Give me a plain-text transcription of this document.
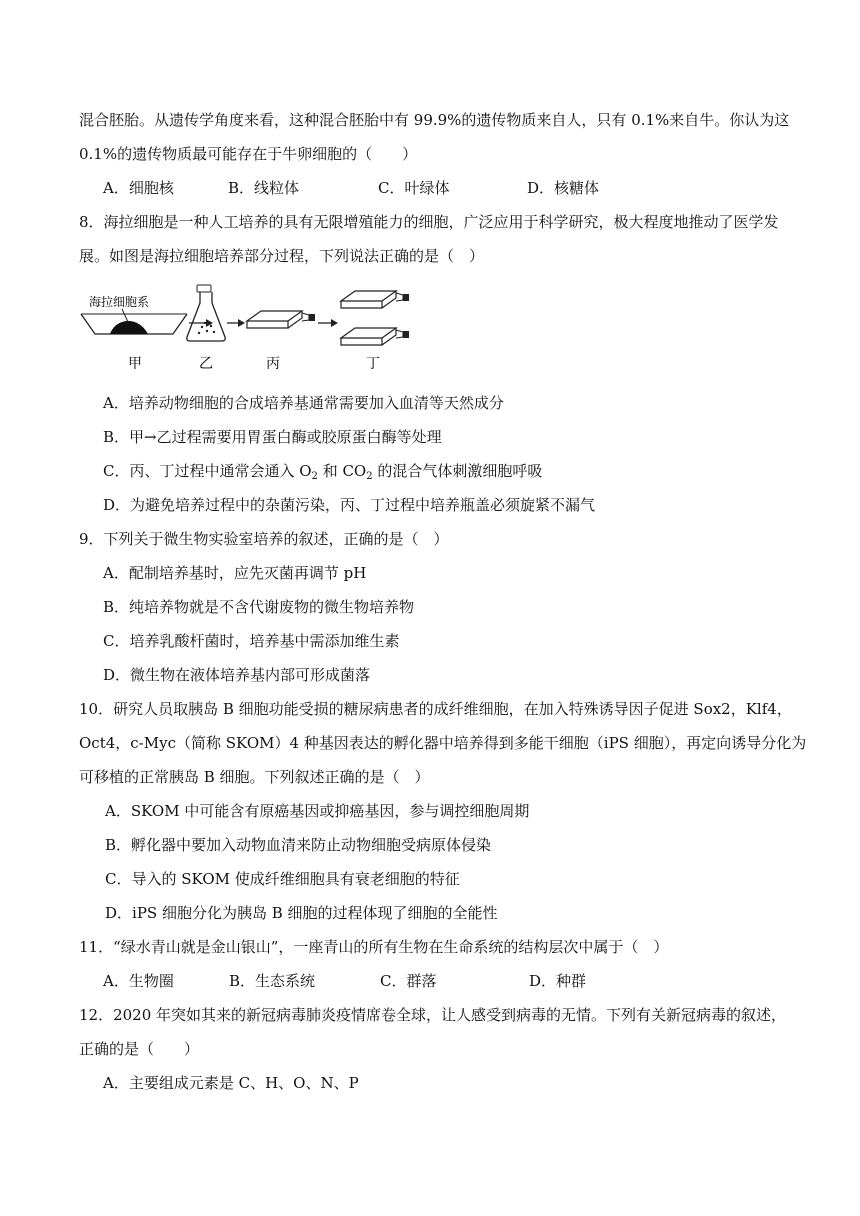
混合胚胎。从遗传学角度来看，这种混合胚胎中有 99.9%的遗传物质来自人，只有 0.1%来自牛。你认为这
0.1%的遗传物质最可能存在于牛卵细胞的（　　）
A．细胞核	B．线粒体	C．叶绿体	D．核糖体
8．海拉细胞是一种人工培养的具有无限增殖能力的细胞，广泛应用于科学研究，极大程度地推动了医学发
展。如图是海拉细胞培养部分过程，下列说法正确的是（　）
海拉细胞系
甲	乙	丙	丁
A．培养动物细胞的合成培养基通常需要加入血清等天然成分
B．甲→乙过程需要用胃蛋白酶或胶原蛋白酶等处理
C．丙、丁过程中通常会通入 $O_2$ 和 $CO_2$ 的混合气体刺激细胞呼吸
D．为避免培养过程中的杂菌污染，丙、丁过程中培养瓶盖必须旋紧不漏气
9．下列关于微生物实验室培养的叙述，正确的是（　）
A．配制培养基时，应先灭菌再调节 pH
B．纯培养物就是不含代谢废物的微生物培养物
C．培养乳酸杆菌时，培养基中需添加维生素
D．微生物在液体培养基内部可形成菌落
10．研究人员取胰岛 B 细胞功能受损的糖尿病患者的成纤维细胞，在加入特殊诱导因子促进 Sox2，Klf4，
Oct4，c-Myc（简称 SKOM）4 种基因表达的孵化器中培养得到多能干细胞（iPS 细胞），再定向诱导分化为
可移植的正常胰岛 B 细胞。下列叙述正确的是（　）
A．SKOM 中可能含有原癌基因或抑癌基因，参与调控细胞周期
B．孵化器中要加入动物血清来防止动物细胞受病原体侵染
C．导入的 SKOM 使成纤维细胞具有衰老细胞的特征
D．iPS 细胞分化为胰岛 B 细胞的过程体现了细胞的全能性
11．“绿水青山就是金山银山”，一座青山的所有生物在生命系统的结构层次中属于（　）
A．生物圈	B．生态系统	C．群落	D．种群
12．2020 年突如其来的新冠病毒肺炎疫情席卷全球，让人感受到病毒的无情。下列有关新冠病毒的叙述，
正确的是（　　）
A．主要组成元素是 C、H、O、N、P
